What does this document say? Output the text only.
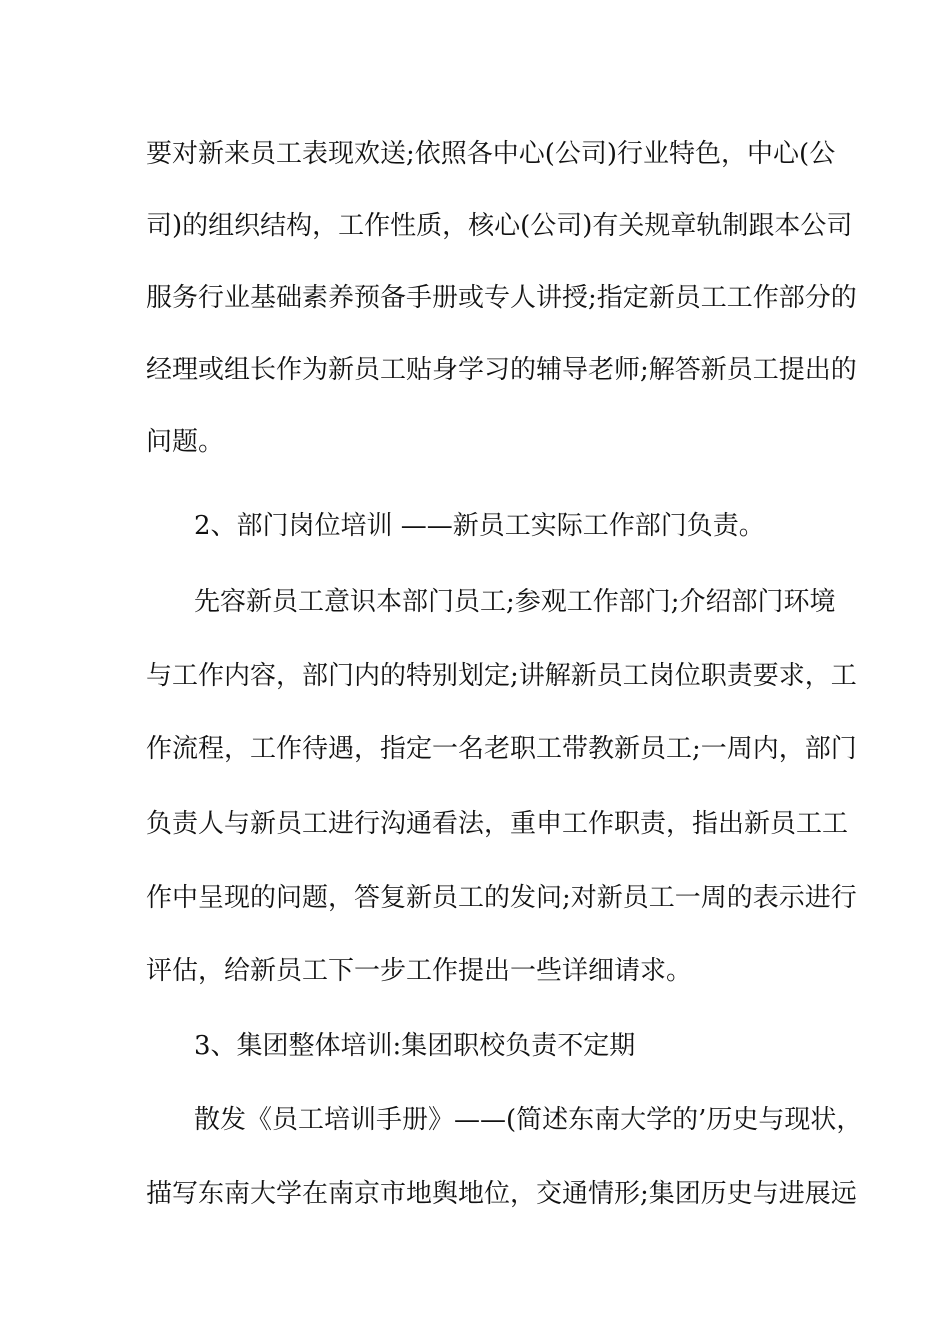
要对新来员工表现欢送;依照各中心(公司)行业特色，中心(公
司)的组织结构，工作性质，核心(公司)有关规章轨制跟本公司
服务行业基础素养预备手册或专人讲授;指定新员工工作部分的
经理或组长作为新员工贴身学习的辅导老师;解答新员工提出的
问题。
2、部门岗位培训 ——新员工实际工作部门负责。
先容新员工意识本部门员工;参观工作部门;介绍部门环境
与工作内容，部门内的特别划定;讲解新员工岗位职责要求，工
作流程，工作待遇，指定一名老职工带教新员工;一周内，部门
负责人与新员工进行沟通看法，重申工作职责，指出新员工工
作中呈现的问题，答复新员工的发问;对新员工一周的表示进行
评估，给新员工下一步工作提出一些详细请求。
3、集团整体培训:集团职校负责不定期
散发《员工培训手册》——(简述东南大学的’历史与现状，
描写东南大学在南京市地舆地位，交通情形;集团历史与进展远
